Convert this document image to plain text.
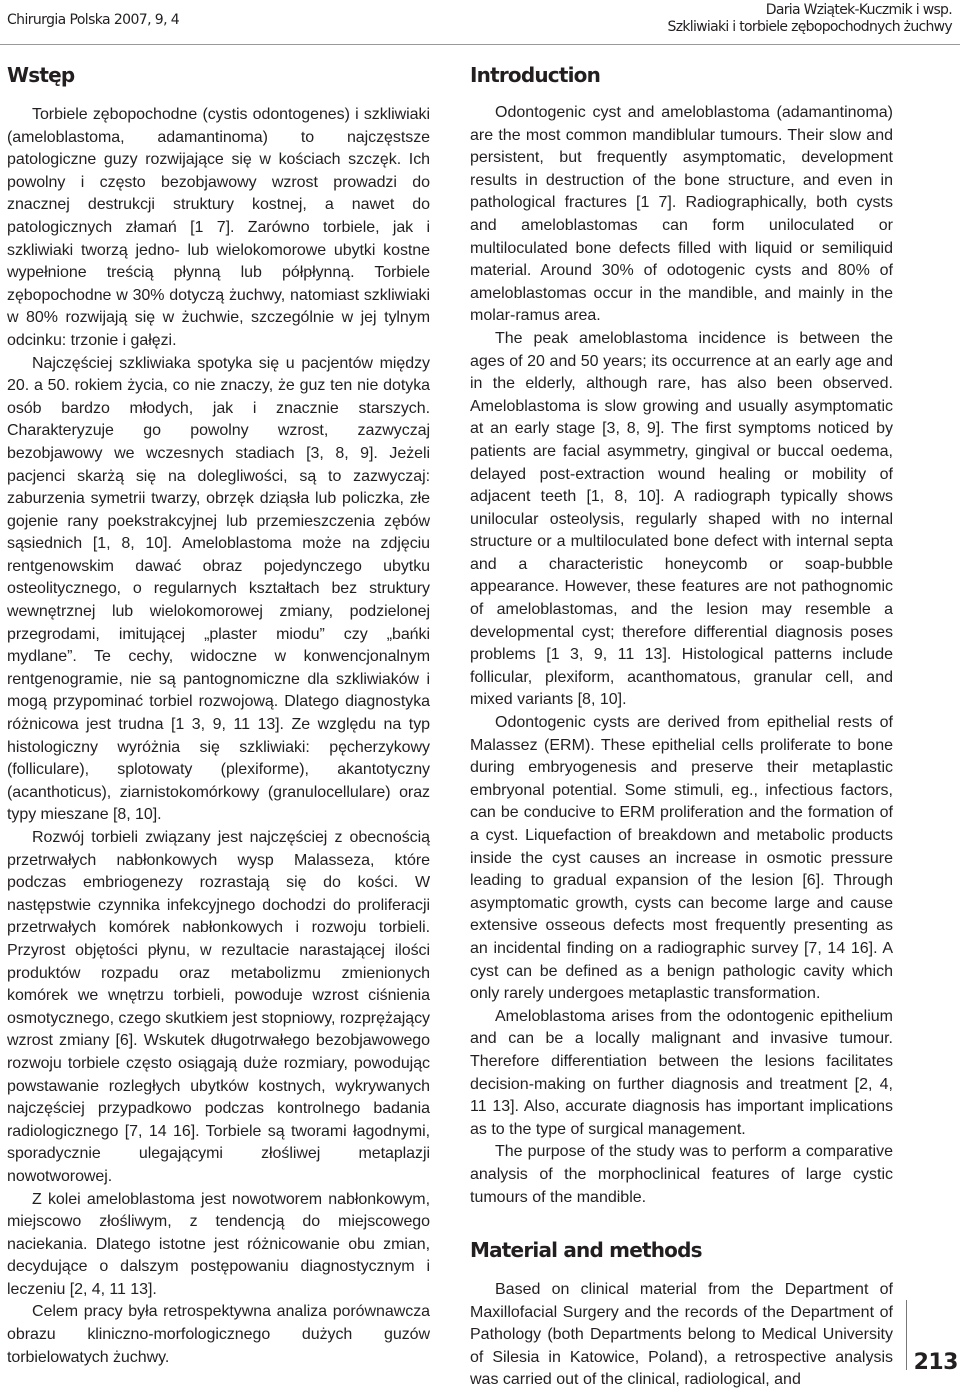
Chirurgia Polska 2007, 9, 4
Daria Wziątek-Kuczmik i wsp.
Szkliwiaki i torbiele zębopochodnych żuchwy
Wstęp

Torbiele zębopochodne (cystis odontogenes) i szkliwiaki (ameloblastoma, adamantinoma) to najczęstsze patologiczne guzy rozwijające się w kościach szczęk. Ich powolny i często bezobjawowy wzrost prowadzi do znacznej destrukcji struktury kostnej, a nawet do patologicznych złamań [1 7]. Zarówno torbiele, jak i szkliwiaki tworzą jedno- lub wielokomorowe ubytki kostne wypełnione treścią płynną lub półpłynną. Torbiele zębopochodne w 30% dotyczą żuchwy, natomiast szkliwiaki w 80% rozwijają się w żuchwie, szczególnie w jej tylnym odcinku: trzonie i gałęzi.

Najczęściej szkliwiaka spotyka się u pacjentów między 20. a 50. rokiem życia, co nie znaczy, że guz ten nie dotyka osób bardzo młodych, jak i znacznie starszych. Charakteryzuje go powolny wzrost, zazwyczaj bezobjawowy we wczesnych stadiach [3, 8, 9]. Jeżeli pacjenci skarżą się na dolegliwości, są to zazwyczaj: zaburzenia symetrii twarzy, obrzęk dziąsła lub policzka, złe gojenie rany poekstrakcyjnej lub przemieszczenia zębów sąsiednich [1, 8, 10]. Ameloblastoma może na zdjęciu rentgenowskim dawać obraz pojedynczego ubytku osteolitycznego, o regularnych kształtach bez struktury wewnętrznej lub wielokomorowej zmiany, podzielonej przegrodami, imitującej „plaster miodu” czy „bańki mydlane”. Te cechy, widoczne w konwencjonalnym rentgenogramie, nie są pantognomiczne dla szkliwiaków i mogą przypominać torbiel rozwojową. Dlatego diagnostyka różnicowa jest trudna [1 3, 9, 11 13]. Ze względu na typ histologiczny wyróżnia się szkliwiaki: pęcherzykowy (folliculare), splotowaty (plexiforme), akantotyczny (acanthoticus), ziarnistokomórkowy (granulocellulare) oraz typy mieszane [8, 10].

Rozwój torbieli związany jest najczęściej z obecnością przetrwałych nabłonkowych wysp Malasseza, które podczas embriogenezy rozrastają się do kości. W następstwie czynnika infekcyjnego dochodzi do proliferacji przetrwałych komórek nabłonkowych i rozwoju torbieli. Przyrost objętości płynu, w rezultacie narastającej ilości produktów rozpadu oraz metabolizmu zmienionych komórek we wnętrzu torbieli, powoduje wzrost ciśnienia osmotycznego, czego skutkiem jest stopniowy, rozprężający wzrost zmiany [6]. Wskutek długotrwałego bezobjawowego rozwoju torbiele często osiągają duże rozmiary, powodując powstawanie rozległych ubytków kostnych, wykrywanych najczęściej przypadkowo podczas kontrolnego badania radiologicznego [7, 14 16]. Torbiele są tworami łagodnymi, sporadycznie ulegającymi złośliwej metaplazji nowotworowej.

Z kolei ameloblastoma jest nowotworem nabłonkowym, miejscowo złośliwym, z tendencją do miejscowego naciekania. Dlatego istotne jest różnicowanie obu zmian, decydujące o dalszym postępowaniu diagnostycznym i leczeniu [2, 4, 11 13].

Celem pracy była retrospektywna analiza porównawcza obrazu kliniczno-morfologicznego dużych guzów torbielowatych żuchwy.

Introduction

Odontogenic cyst and ameloblastoma (adamantinoma) are the most common mandiblular tumours. Their slow and persistent, but frequently asymptomatic, development results in destruction of the bone structure, and even in pathological fractures [1 7]. Radiographically, both cysts and ameloblastomas can form uniloculated or multiloculated bone defects filled with liquid or semiliquid material. Around 30% of odotogenic cysts and 80% of ameloblastomas occur in the mandible, and mainly in the molar-ramus area.

The peak ameloblastoma incidence is between the ages of 20 and 50 years; its occurrence at an early age and in the elderly, although rare, has also been observed. Ameloblastoma is slow growing and usually asymptomatic at an early stage [3, 8, 9]. The first symptoms noticed by patients are facial asymmetry, gingival or buccal oedema, delayed post-extraction wound healing or mobility of adjacent teeth [1, 8, 10]. A radiograph typically shows unilocular osteolysis, regularly shaped with no internal structure or a multiloculated bone defect with internal septa and a characteristic honeycomb or soap-bubble appearance. However, these features are not pathognomic of ameloblastomas, and the lesion may resemble a developmental cyst; therefore differential diagnosis poses problems [1 3, 9, 11 13]. Histological patterns include follicular, plexiform, acanthomatous, granular cell, and mixed variants [8, 10].

Odontogenic cysts are derived from epithelial rests of Malassez (ERM). These epithelial cells proliferate to bone during embryogenesis and preserve their metaplastic embryonal potential. Some stimuli, eg., infectious factors, can be conducive to ERM proliferation and the formation of a cyst. Liquefaction of breakdown and metabolic products inside the cyst causes an increase in osmotic pressure leading to gradual expansion of the lesion [6]. Through asymptomatic growth, cysts can become large and cause extensive osseous defects most frequently presenting as an incidental finding on a radiographic survey [7, 14 16]. A cyst can be defined as a benign pathologic cavity which only rarely undergoes metaplastic transformation.

Ameloblastoma arises from the odontogenic epithelium and can be a locally malignant and invasive tumour. Therefore differentiation between the lesions facilitates decision-making on further diagnosis and treatment [2, 4, 11 13]. Also, accurate diagnosis has important implications as to the type of surgical management.

The purpose of the study was to perform a comparative analysis of the morphoclinical features of large cystic tumours of the mandible.

Material and methods

Based on clinical material from the Department of Maxillofacial Surgery and the records of the Department of Pathology (both Departments belong to Medical University of Silesia in Katowice, Poland), a retrospective analysis was carried out of the clinical, radiological, and

213
